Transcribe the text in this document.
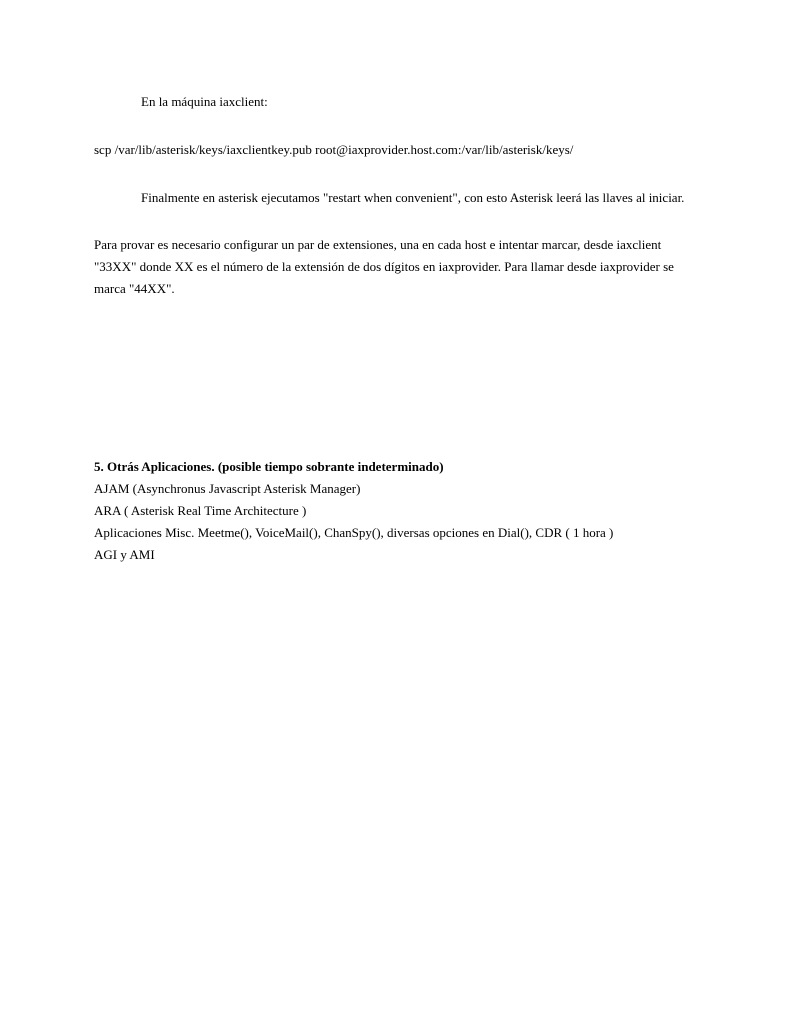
En la máquina iaxclient:
scp /var/lib/asterisk/keys/iaxclientkey.pub root@iaxprovider.host.com:/var/lib/asterisk/keys/
Finalmente en asterisk ejecutamos "restart when convenient", con esto Asterisk leerá las llaves al iniciar.
Para provar es necesario configurar un par de extensiones, una en cada host e intentar marcar, desde iaxclient
"33XX" donde XX es el número de la extensión de dos dígitos en iaxprovider. Para llamar desde iaxprovider se
marca "44XX".
5. Otrás Aplicaciones. (posible tiempo sobrante indeterminado)
AJAM (Asynchronus Javascript Asterisk Manager)
ARA ( Asterisk Real Time Architecture )
Aplicaciones Misc. Meetme(), VoiceMail(), ChanSpy(), diversas opciones en Dial(), CDR ( 1 hora )
AGI y AMI
